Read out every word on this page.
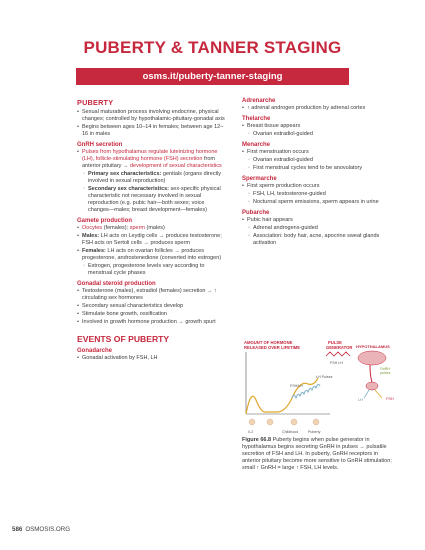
PUBERTY & TANNER STAGING
osms.it/puberty-tanner-staging
PUBERTY
• Sexual maturation process involving endocrine, physical changes; controlled by hypothalamic-pituitary-gonadal axis
• Begins between ages 10–14 in females; between age 12–16 in males
GnRH secretion
• Pulses from hypothalamus regulate luteinizing hormone (LH), follicle-stimulating hormone (FSH) secretion from anterior pituitary → development of sexual characteristics
◦ Primary sex characteristics: genitals (organs directly involved in sexual reproduction)
◦ Secondary sex characteristics: sex-specific physical characteristic not necessary involved in sexual reproduction (e.g. pubic hair—both sexes; voice changes—males; breast development—females)
Gamete production
• Oocytes (females); sperm (males)
• Males: LH acts on Leydig cells → produces testosterone; FSH acts on Sertoli cells → produces sperm
• Females: LH acts on ovarian follicles → produces progesterone, androstenedione (converted into estrogen)
◦ Estrogen, progesterone levels vary according to menstrual cycle phases
Gonadal steroid production
• Testosterone (males), estradiol (females) secretion → ↑ circulating sex hormones
• Secondary sexual characteristics develop
• Stimulate bone growth, ossification
• Involved in growth hormone production → growth spurt
EVENTS OF PUBERTY
Gonadarche
• Gonadal activation by FSH, LH
Adrenarche
• ↑ adrenal androgen production by adrenal cortex
Thelarche
• Breast tissue appears
◦ Ovarian estradiol-guided
Menarche
• First menstruation occurs
◦ Ovarian estradiol-guided
◦ First menstrual cycles tend to be anovulatory
Spermarche
• First sperm production occurs
◦ FSH, LH, testosterone-guided
◦ Nocturnal sperm emissions, sperm appears in urine
Pubarche
• Pubic hair appears
◦ Adrenal androgens-guided
◦ Association: body hair, acne, apocrine sweat glands activation
AMOUNT OF HORMONE
RELEASED OVER LIFETIME
FSH/LH
LH Pulses
0-2	Childhood	Puberty
PULSE
GENERATOR HYPOTHALAMUS
FSH LH
GnRH
pulses
LH	FSH
Figure 66.8 Puberty begins when pulse generator in hypothalamus begins secreting GnRH in pulses → pulsatile secretion of FSH and LH. In puberty, GnRH receptors in anterior pituitary become more sensitive to GnRH stimulation; small ↑ GnRH = large ↑ FSH, LH levels.
586 OSMOSIS.ORG
